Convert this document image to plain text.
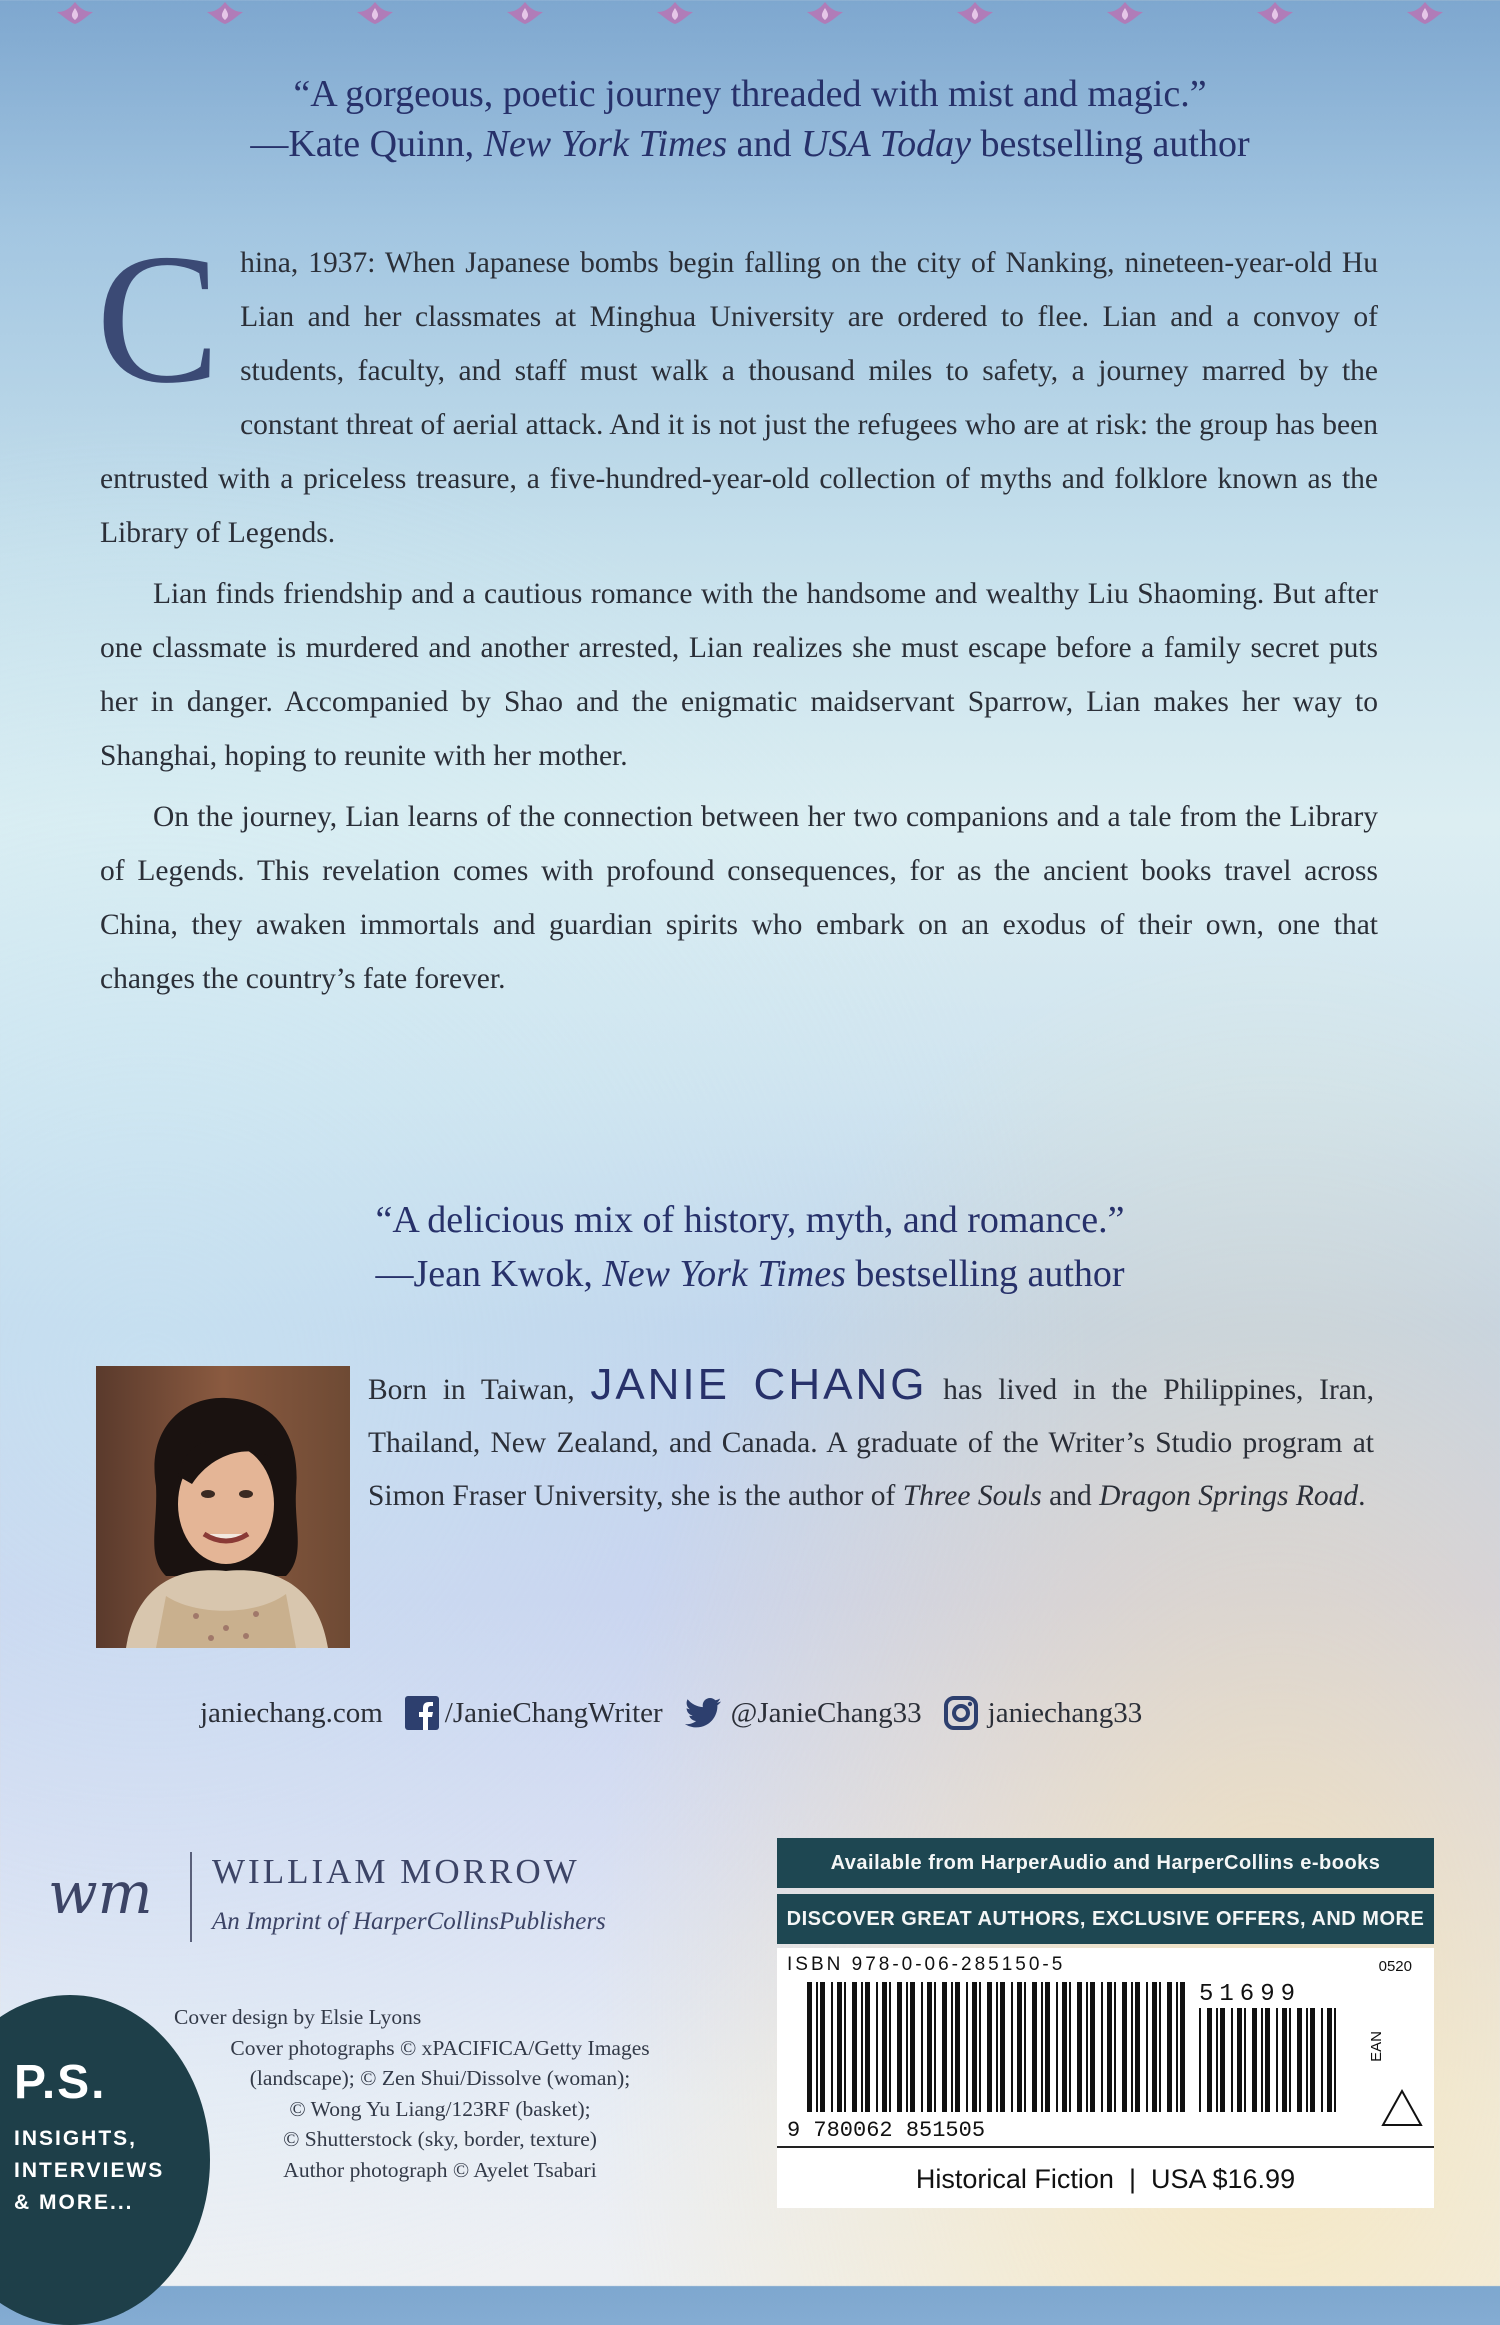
“A gorgeous, poetic journey threaded with mist and magic.”
—Kate Quinn, New York Times and USA Today bestselling author

China, 1937: When Japanese bombs begin falling on the city of Nanking, nineteen-year-old Hu Lian and her classmates at Minghua University are ordered to flee. Lian and a convoy of students, faculty, and staff must walk a thousand miles to safety, a journey marred by the constant threat of aerial attack. And it is not just the refugees who are at risk: the group has been entrusted with a priceless treasure, a five-hundred-year-old collection of myths and folklore known as the Library of Legends.

Lian finds friendship and a cautious romance with the handsome and wealthy Liu Shaoming. But after one classmate is murdered and another arrested, Lian realizes she must escape before a family secret puts her in danger. Accompanied by Shao and the enigmatic maidservant Sparrow, Lian makes her way to Shanghai, hoping to reunite with her mother.

On the journey, Lian learns of the connection between her two companions and a tale from the Library of Legends. This revelation comes with profound consequences, for as the ancient books travel across China, they awaken immortals and guardian spirits who embark on an exodus of their own, one that changes the country’s fate forever.

“A delicious mix of history, myth, and romance.”
—Jean Kwok, New York Times bestselling author
Born in Taiwan, JANIE CHANG has lived in the Philippines, Iran, Thailand, New Zealand, and Canada. A graduate of the Writer’s Studio program at Simon Fraser University, she is the author of Three Souls and Dragon Springs Road.
janiechang.com /JanieChangWriter @JanieChang33 janiechang33
wm WILLIAM MORROW
An Imprint of HarperCollinsPublishers
P.S.
INSIGHTS,
INTERVIEWS
& MORE...
Cover design by Elsie Lyons
Cover photographs © xPACIFICA/Getty Images
(landscape); © Zen Shui/Dissolve (woman);
© Wong Yu Liang/123RF (basket);
© Shutterstock (sky, border, texture)
Author photograph © Ayelet Tsabari
Available from HarperAudio and HarperCollins e-books
DISCOVER GREAT AUTHORS, EXCLUSIVE OFFERS, AND MORE
ISBN 978-0-06-285150-5	0520
9 780062 851505
51699
EAN
Historical Fiction | USA $16.99
